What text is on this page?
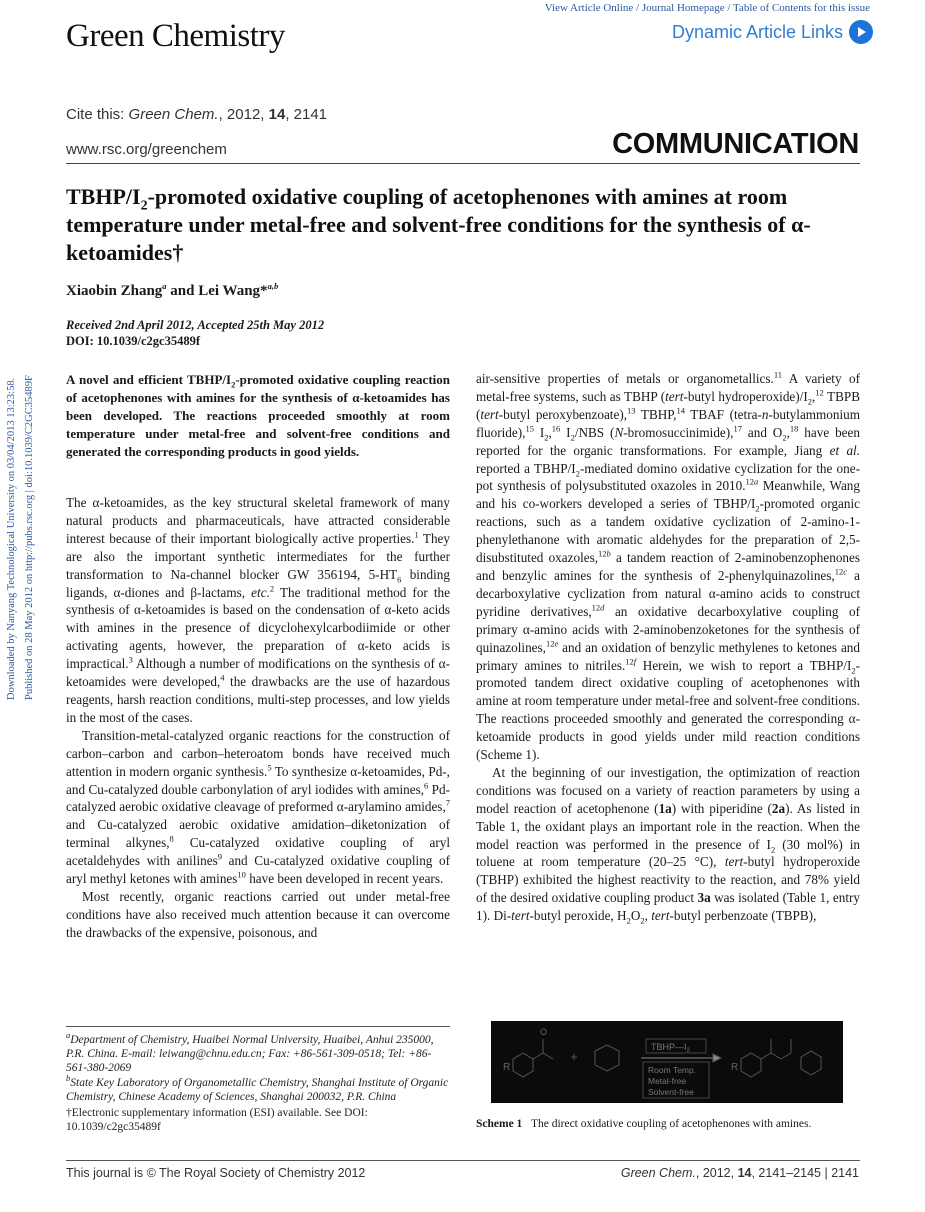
View Article Online / Journal Homepage / Table of Contents for this issue
Green Chemistry	Dynamic Article Links
Cite this: Green Chem., 2012, 14, 2141
www.rsc.org/greenchem	COMMUNICATION
Downloaded by Nanyang Technological University on 03/04/2013 13:23:58. Published on 28 May 2012 on http://pubs.rsc.org | doi:10.1039/C2GC35489F
TBHP/$I_2$-promoted oxidative coupling of acetophenones with amines at room temperature under metal-free and solvent-free conditions for the synthesis of α-ketoamides†
Xiaobin Zhang$^a$ and Lei Wang*$^{a,b}$
Received 2nd April 2012, Accepted 25th May 2012
DOI: 10.1039/c2gc35489f

A novel and efficient TBHP/$I_2$-promoted oxidative coupling reaction of acetophenones with amines for the synthesis of α-ketoamides has been developed. The reactions proceeded smoothly at room temperature under metal-free and solvent-free conditions and generated the corresponding products in good yields.

The α-ketoamides, as the key structural skeletal framework of many natural products and pharmaceuticals, have attracted considerable interest because of their important biologically active properties.$^1$ They are also the important synthetic intermediates for the further transformation to Na-channel blocker GW 356194, $5-HT_6$ binding ligands, α-diones and β-lactams, etc.$^2$ The traditional method for the synthesis of α-ketoamides is based on the condensation of α-keto acids with amines in the presence of dicyclohexylcarbodiimide or other activating agents, however, the preparation of α-keto acids is impractical.$^3$ Although a number of modifications on the synthesis of α-ketoamides were developed,$^4$ the drawbacks are the use of hazardous reagents, harsh reaction conditions, multi-step processes, and low yields in the most of the cases.

Transition-metal-catalyzed organic reactions for the construction of carbon–carbon and carbon–heteroatom bonds have received much attention in modern organic synthesis.$^5$ To synthesize α-ketoamides, Pd-, and Cu-catalyzed double carbonylation of aryl iodides with amines,$^6$ Pd-catalyzed aerobic oxidative cleavage of preformed α-arylamino amides,$^7$ and Cu-catalyzed aerobic oxidative amidation–diketonization of terminal alkynes,$^8$ Cu-catalyzed oxidative coupling of aryl acetaldehydes with anilines$^9$ and Cu-catalyzed oxidative coupling of aryl methyl ketones with amines$^{10}$ have been developed in recent years.

Most recently, organic reactions carried out under metal-free conditions have also received much attention because it can overcome the drawbacks of the expensive, poisonous, and

air-sensitive properties of metals or organometallics.$^{11}$ A variety of metal-free systems, such as TBHP (tert-butyl $hydroperoxide)/I_2,^{12}$ TBPB (tert-butyl peroxybenzoate),$^{13}$ TBHP,$^{14}$ TBAF (tetra-n-butylammonium fluoride),$^{15}$ $I_2,^{16}$ $I_2$/NBS (N-bromosuccinimide),$^{17}$ and $O_2,^{18}$ have been reported for the organic transformations. For example, Jiang et al. reported a TBHP/$I_2$-mediated domino oxidative cyclization for the one-pot synthesis of polysubstituted oxazoles in 2010.$^{12a}$ Meanwhile, Wang and his co-workers developed a series of TBHP/$I_2$-promoted organic reactions, such as a tandem oxidative cyclization of 2-amino-1-phenylethanone with aromatic aldehydes for the preparation of 2,5-disubstituted oxazoles,$^{12b}$ a tandem reaction of 2-aminobenzophenones and benzylic amines for the synthesis of 2-phenylquinazolines,$^{12c}$ a decarboxylative cyclization from natural α-amino acids to construct pyridine derivatives,$^{12d}$ an oxidative decarboxylative coupling of primary α-amino acids with 2-aminobenzoketones for the synthesis of quinazolines,$^{12e}$ and an oxidation of benzylic methylenes to ketones and primary amines to nitriles.$^{12f}$ Herein, we wish to report a TBHP/$I_2$-promoted tandem direct oxidative coupling of acetophenones with amine at room temperature under metal-free and solvent-free conditions. The reactions proceeded smoothly and generated the corresponding α-ketoamide products in good yields under mild reaction conditions (Scheme 1).

At the beginning of our investigation, the optimization of reaction conditions was focused on a variety of reaction parameters by using a model reaction of acetophenone (1a) with piperidine (2a). As listed in Table 1, the oxidant plays an important role in the reaction. When the model reaction was performed in the presence of $I_2$ (30 mol%) in toluene at room temperature (20–25 °C), tert-butyl hydroperoxide (TBHP) exhibited the highest reactivity to the reaction, and 78% yield of the desired oxidative coupling product 3a was isolated (Table 1, entry 1). Di-tert-butyl peroxide, $H_2O_2$, tert-butyl perbenzoate (TBPB),

$^a$Department of Chemistry, Huaibei Normal University, Huaibei, Anhui 235000, P.R. China. E-mail: leiwang@chnu.edu.cn; Fax: +86-561-309-0518; Tel: +86-561-380-2069

$^b$State Key Laboratory of Organometallic Chemistry, Shanghai Institute of Organic Chemistry, Chinese Academy of Sciences, Shanghai 200032, P.R. China

†Electronic supplementary information (ESI) available. See DOI: 10.1039/c2gc35489f

R
O
R
$TBHP—I_2$
Room Temp.
Metal-free
Solvent-free
Scheme 1 The direct oxidative coupling of acetophenones with amines.
This journal is © The Royal Society of Chemistry 2012	Green Chem., 2012, 14, 2141–2145 | 2141
